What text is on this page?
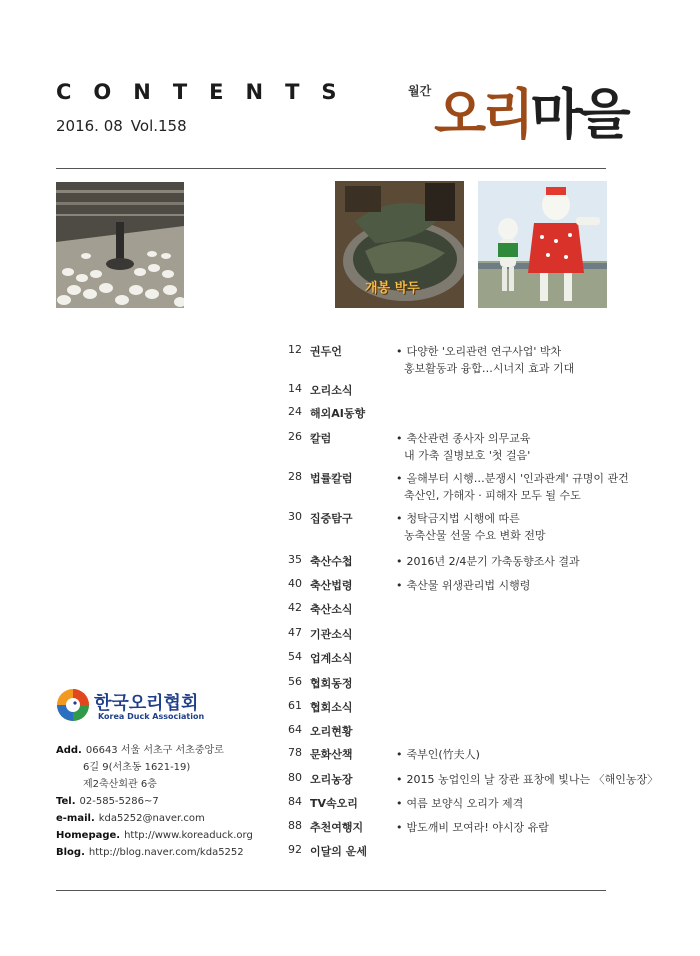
CONTENTS
2016. 08 Vol.158
월간 오리마을
개봉 박두
12 권두언	• 다양한 '오리관련 연구사업' 박차
홍보활동과 융합…시너지 효과 기대
14 오리소식
24 해외AI동향
26 칼럼	• 축산관련 종사자 의무교육
내 가축 질병보호 '첫 걸음'
28 법률칼럼	• 올해부터 시행…분쟁시 '인과관계' 규명이 관건
축산인, 가해자 · 피해자 모두 될 수도
30 집중탐구	• 청탁금지법 시행에 따른
농축산물 선물 수요 변화 전망
35 축산수첩	• 2016년 2/4분기 가축동향조사 결과
40 축산법령	• 축산물 위생관리법 시행령
42 축산소식
47 기관소식
54 업계소식
56 협회동정
61 협회소식
64 오리현황
78 문화산책	• 죽부인(竹夫人)
80 오리농장	• 2015 농업인의 날 장관 표창에 빛나는 〈해인농장〉
84 TV속오리	• 여름 보양식 오리가 제격
88 추천여행지	• 밤도깨비 모여라! 야시장 유람
92 이달의 운세
한국오리협회
Korea Duck Association
Add. 06643 서울 서초구 서초중앙로
6길 9(서초동 1621-19)
제2축산회관 6층
Tel. 02-585-5286~7
e-mail. kda5252@naver.com
Homepage. http://www.koreaduck.org
Blog. http://blog.naver.com/kda5252
